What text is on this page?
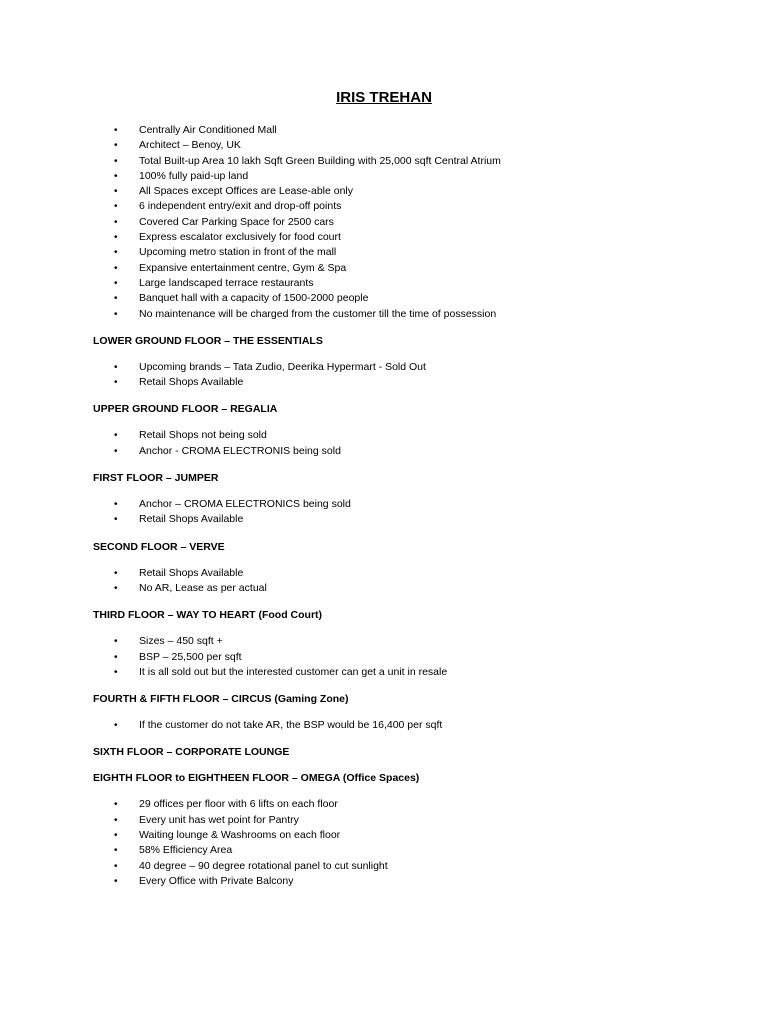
IRIS TREHAN
• Centrally Air Conditioned Mall
• Architect – Benoy, UK
• Total Built-up Area 10 lakh Sqft Green Building with 25,000 sqft Central Atrium
• 100% fully paid-up land
• All Spaces except Offices are Lease-able only
• 6 independent entry/exit and drop-off points
• Covered Car Parking Space for 2500 cars
• Express escalator exclusively for food court
• Upcoming metro station in front of the mall
• Expansive entertainment centre, Gym & Spa
• Large landscaped terrace restaurants
• Banquet hall with a capacity of 1500-2000 people
• No maintenance will be charged from the customer till the time of possession
LOWER GROUND FLOOR – THE ESSENTIALS
• Upcoming brands – Tata Zudio, Deerika Hypermart - Sold Out
• Retail Shops Available
UPPER GROUND FLOOR – REGALIA
• Retail Shops not being sold
• Anchor - CROMA ELECTRONIS being sold
FIRST FLOOR – JUMPER
• Anchor – CROMA ELECTRONICS being sold
• Retail Shops Available
SECOND FLOOR – VERVE
• Retail Shops Available
• No AR, Lease as per actual
THIRD FLOOR – WAY TO HEART (Food Court)
• Sizes – 450 sqft +
• BSP – 25,500 per sqft
• It is all sold out but the interested customer can get a unit in resale
FOURTH & FIFTH FLOOR – CIRCUS (Gaming Zone)
• If the customer do not take AR, the BSP would be 16,400 per sqft
SIXTH FLOOR – CORPORATE LOUNGE
EIGHTH FLOOR to EIGHTHEEN FLOOR – OMEGA (Office Spaces)
• 29 offices per floor with 6 lifts on each floor
• Every unit has wet point for Pantry
• Waiting lounge & Washrooms on each floor
• 58% Efficiency Area
• 40 degree – 90 degree rotational panel to cut sunlight
• Every Office with Private Balcony
